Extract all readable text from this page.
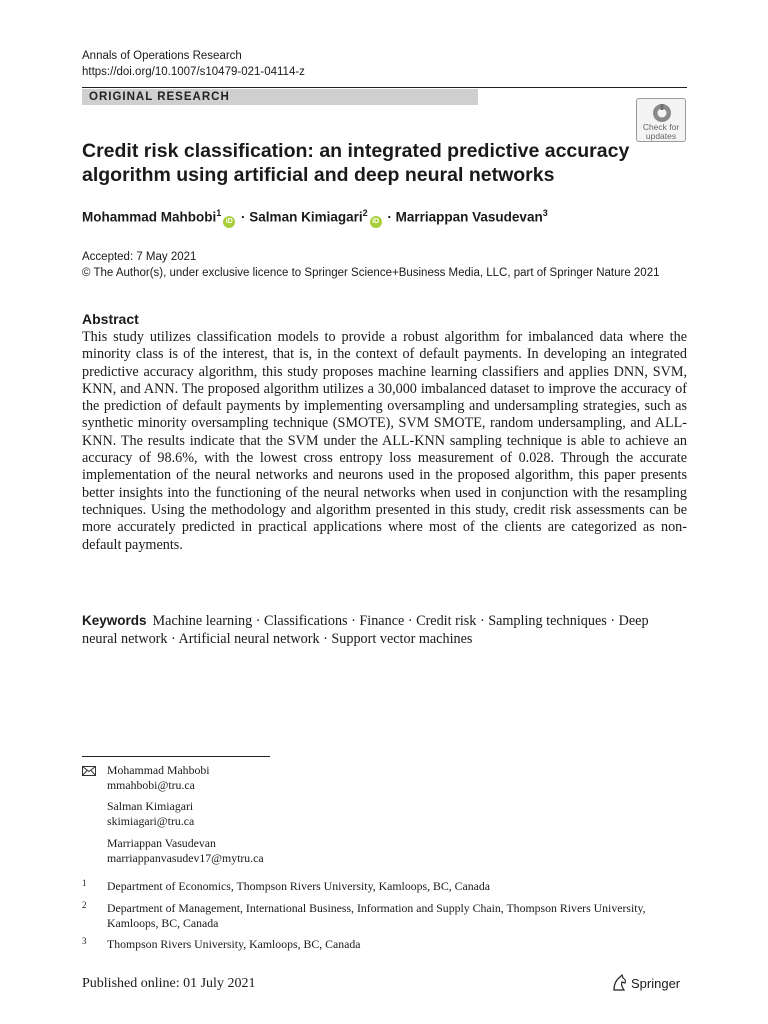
Annals of Operations Research
https://doi.org/10.1007/s10479-021-04114-z
ORIGINAL RESEARCH
Check for
updates
Credit risk classification: an integrated predictive accuracy algorithm using artificial and deep neural networks
Mohammad Mahbobi$^1$iD · Salman Kimiagari$^2$iD · Marriappan Vasudevan$^3$
Accepted: 7 May 2021
© The Author(s), under exclusive licence to Springer Science+Business Media, LLC, part of Springer Nature 2021
Abstract
This study utilizes classification models to provide a robust algorithm for imbalanced data where the minority class is of the interest, that is, in the context of default payments. In developing an integrated predictive accuracy algorithm, this study proposes machine learning classifiers and applies DNN, SVM, KNN, and ANN. The proposed algorithm utilizes a 30,000 imbalanced dataset to improve the accuracy of the prediction of default payments by implementing oversampling and undersampling strategies, such as synthetic minority oversampling technique (SMOTE), SVM SMOTE, random undersampling, and ALL-KNN. The results indicate that the SVM under the ALL-KNN sampling technique is able to achieve an accuracy of 98.6%, with the lowest cross entropy loss measurement of 0.028. Through the accurate implementation of the neural networks and neurons used in the proposed algorithm, this paper presents better insights into the functioning of the neural networks when used in conjunction with the resampling techniques. Using the methodology and algorithm presented in this study, credit risk assessments can be more accurately predicted in practical applications where most of the clients are categorized as non-default payments.
Keywords Machine learning · Classifications · Finance · Credit risk · Sampling techniques · Deep neural network · Artificial neural network · Support vector machines
Mohammad Mahbobi
mmahbobi@tru.ca
Salman Kimiagari
skimiagari@tru.ca
Marriappan Vasudevan
marriappanvasudev17@mytru.ca
1 Department of Economics, Thompson Rivers University, Kamloops, BC, Canada
2 Department of Management, International Business, Information and Supply Chain, Thompson Rivers University, Kamloops, BC, Canada
3 Thompson Rivers University, Kamloops, BC, Canada
Published online: 01 July 2021	Springer
